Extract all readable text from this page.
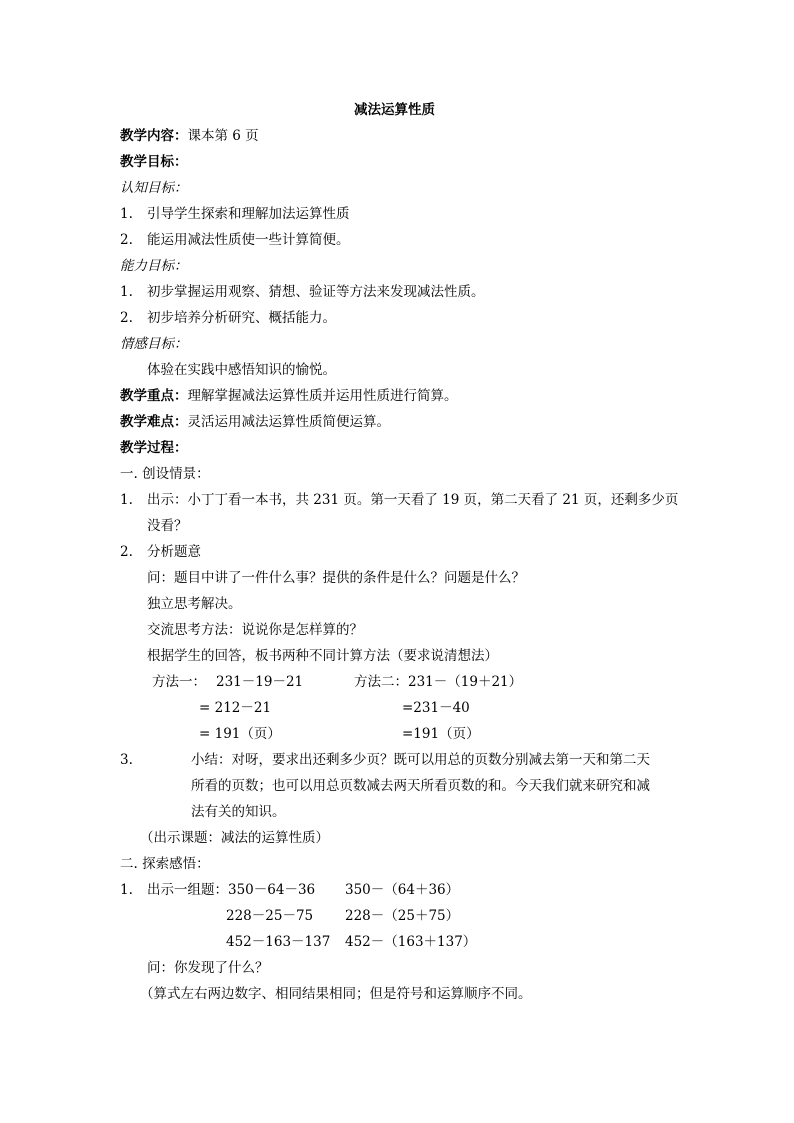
减法运算性质
教学内容：课本第 6 页
教学目标：
认知目标：
1. 引导学生探索和理解加法运算性质
2. 能运用减法性质使一些计算简便。
能力目标：
1. 初步掌握运用观察、猜想、验证等方法来发现减法性质。
2. 初步培养分析研究、概括能力。
情感目标：
体验在实践中感悟知识的愉悦。
教学重点：理解掌握减法运算性质并运用性质进行简算。
教学难点：灵活运用减法运算性质简便运算。
教学过程：
一. 创设情景：
1. 出示：小丁丁看一本书，共 231 页。第一天看了 19 页，第二天看了 21 页，还剩多少页
没看？
2. 分析题意
问：题目中讲了一件什么事？提供的条件是什么？问题是什么？
独立思考解决。
交流思考方法：说说你是怎样算的？
根据学生的回答，板书两种不同计算方法（要求说清想法）
方法一： 231－19－21	方法二：231－（19＋21）
= 212－21	=231－40
= 191（页）	=191（页）
3.	小结：对呀，要求出还剩多少页？既可以用总的页数分别减去第一天和第二天
所看的页数；也可以用总页数减去两天所看页数的和。今天我们就来研究和减
法有关的知识。
（出示课题：减法的运算性质）
二. 探索感悟：
1. 出示一组题：350－64－36 350－（64＋36）
228－25－75 228－（25＋75）
452－163－137 452－（163＋137）
问：你发现了什么？
（算式左右两边数字、相同结果相同；但是符号和运算顺序不同。
